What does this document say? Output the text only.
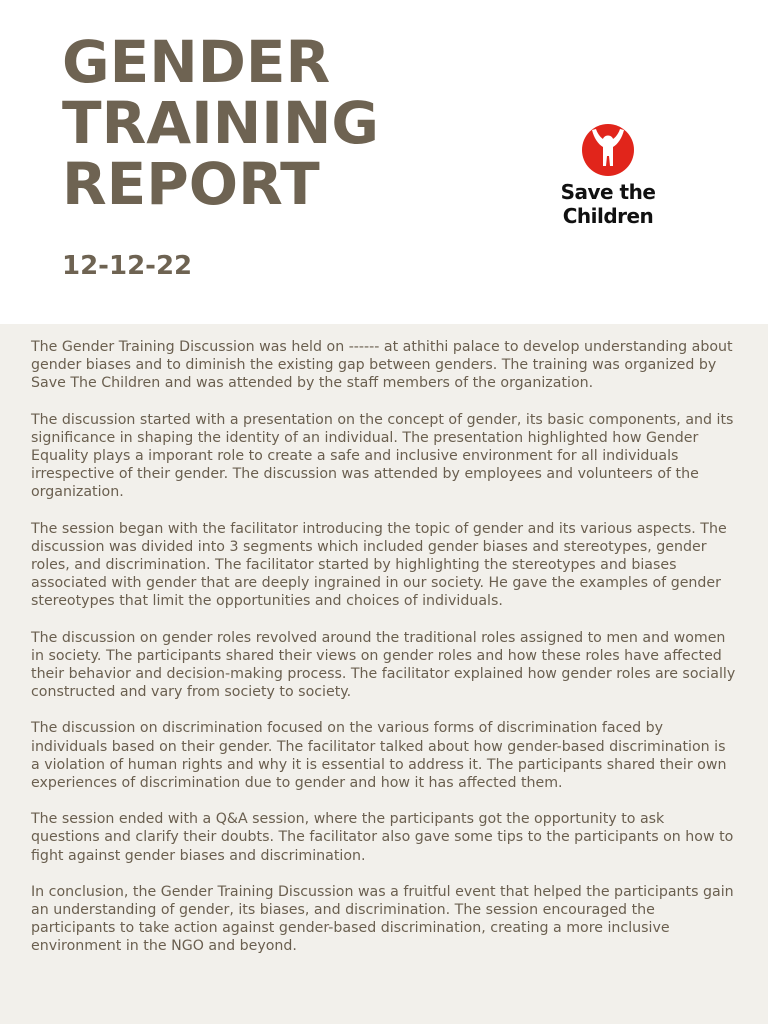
GENDER
TRAINING
REPORT
12-12-22
Save the
Children

The Gender Training Discussion was held on ------ at athithi palace to develop understanding about gender biases and to diminish the existing gap between genders. The training was organized by Save The Children and was attended by the staff members of the organization.

The discussion started with a presentation on the concept of gender, its basic components, and its significance in shaping the identity of an individual. The presentation highlighted how Gender Equality plays a imporant role to create a safe and inclusive environment for all individuals irrespective of their gender. The discussion was attended by employees and volunteers of the organization.

The session began with the facilitator introducing the topic of gender and its various aspects. The discussion was divided into 3 segments which included gender biases and stereotypes, gender roles, and discrimination. The facilitator started by highlighting the stereotypes and biases associated with gender that are deeply ingrained in our society. He gave the examples of gender stereotypes that limit the opportunities and choices of individuals.

The discussion on gender roles revolved around the traditional roles assigned to men and women in society. The participants shared their views on gender roles and how these roles have affected their behavior and decision-making process. The facilitator explained how gender roles are socially constructed and vary from society to society.

The discussion on discrimination focused on the various forms of discrimination faced by individuals based on their gender. The facilitator talked about how gender-based discrimination is a violation of human rights and why it is essential to address it. The participants shared their own experiences of discrimination due to gender and how it has affected them.

The session ended with a Q&A session, where the participants got the opportunity to ask questions and clarify their doubts. The facilitator also gave some tips to the participants on how to fight against gender biases and discrimination.

In conclusion, the Gender Training Discussion was a fruitful event that helped the participants gain an understanding of gender, its biases, and discrimination. The session encouraged the participants to take action against gender-based discrimination, creating a more inclusive environment in the NGO and beyond.
